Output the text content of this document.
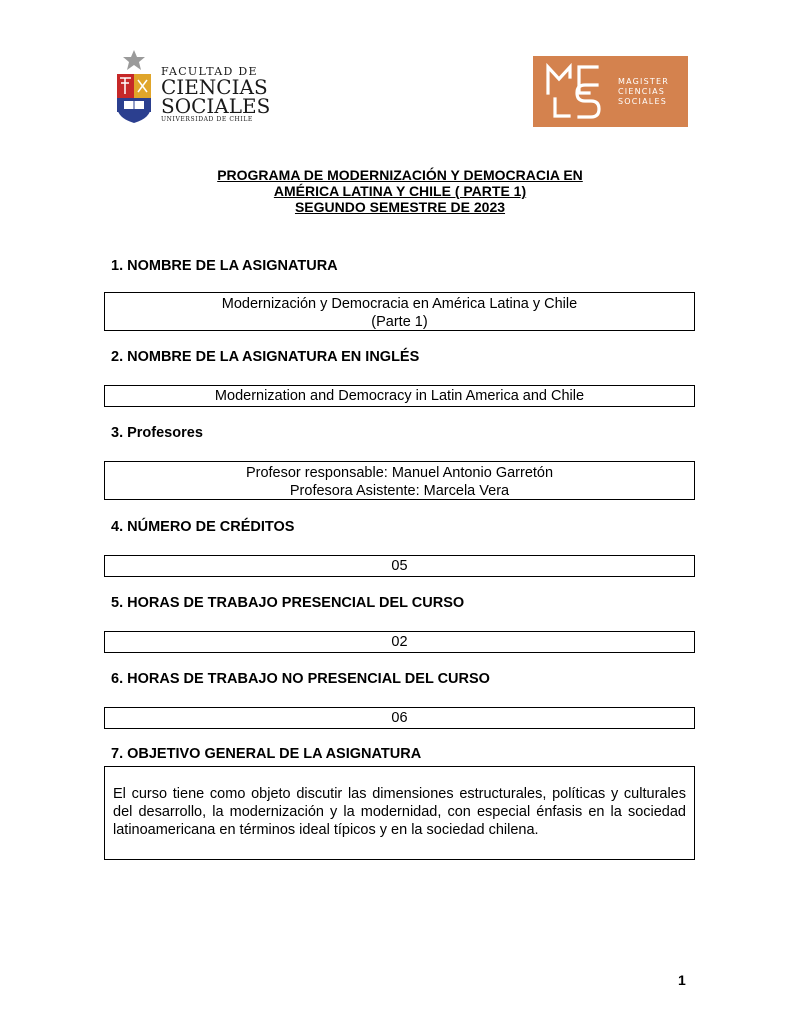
FACULTAD DE
CIENCIAS
SOCIALES
UNIVERSIDAD DE CHILE
MAGISTER
CIENCIAS
SOCIALES
PROGRAMA DE MODERNIZACIÓN Y DEMOCRACIA EN
AMÉRICA LATINA Y CHILE ( PARTE 1)
SEGUNDO SEMESTRE DE 2023
1. NOMBRE DE LA ASIGNATURA
Modernización y Democracia en América Latina y Chile
(Parte 1)
2. NOMBRE DE LA ASIGNATURA EN INGLÉS
Modernization and Democracy in Latin America and Chile
3. Profesores
Profesor responsable: Manuel Antonio Garretón
Profesora Asistente: Marcela Vera
4. NÚMERO DE CRÉDITOS
05
5. HORAS DE TRABAJO PRESENCIAL DEL CURSO
02
6. HORAS DE TRABAJO NO PRESENCIAL DEL CURSO
06
7. OBJETIVO GENERAL DE LA ASIGNATURA
El curso tiene como objeto discutir las dimensiones estructurales, políticas y culturales del desarrollo, la modernización y la modernidad, con especial énfasis en la sociedad latinoamericana en términos ideal típicos y en la sociedad chilena.
1
